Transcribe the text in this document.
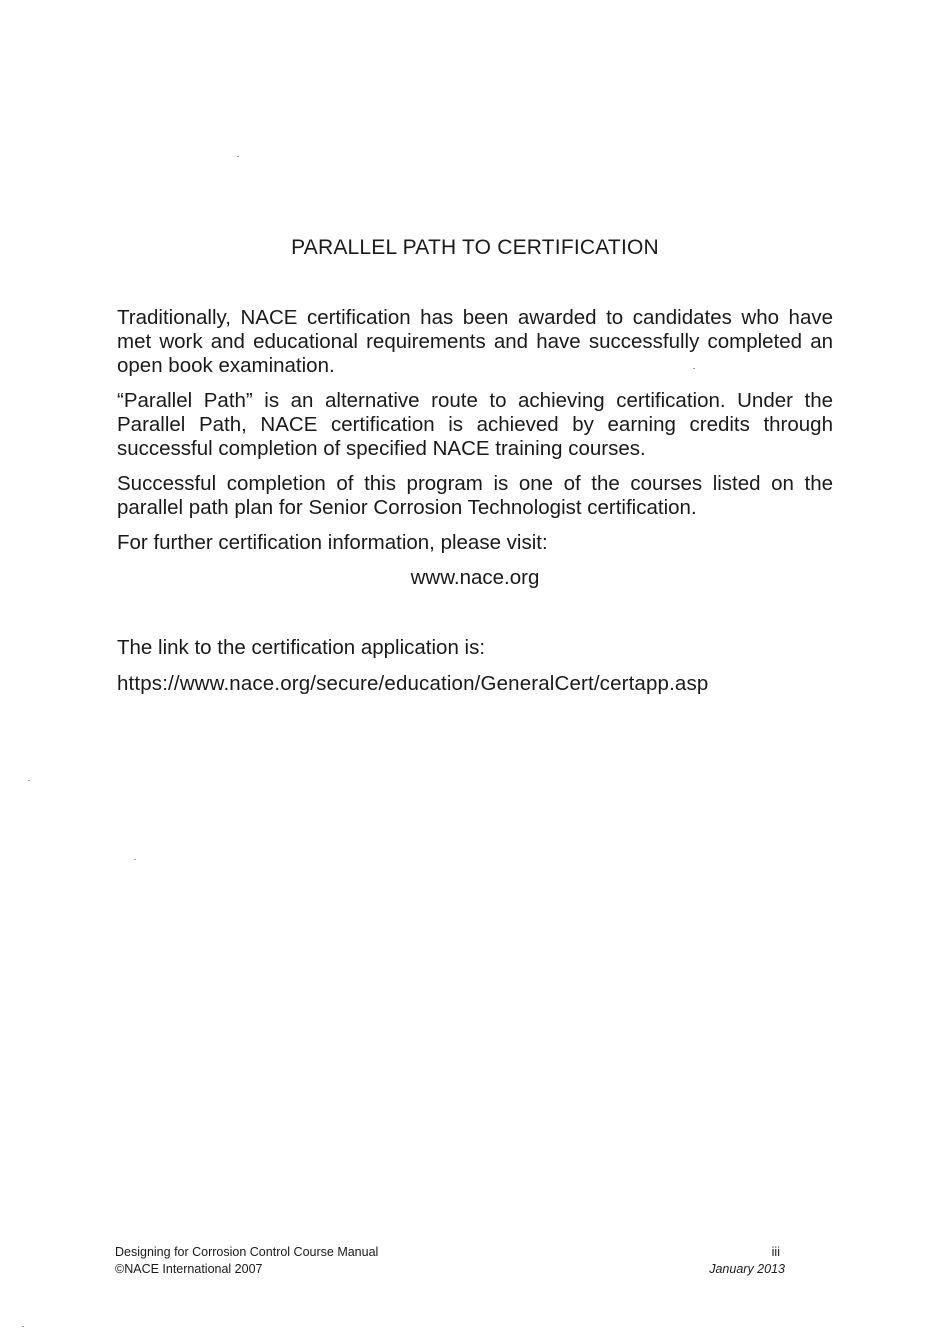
PARALLEL PATH TO CERTIFICATION

Traditionally, NACE certification has been awarded to candidates who have met work and educational requirements and have successfully completed an open book examination.

“Parallel Path” is an alternative route to achieving certification. Under the Parallel Path, NACE certification is achieved by earning credits through successful completion of specified NACE training courses.

Successful completion of this program is one of the courses listed on the parallel path plan for Senior Corrosion Technologist certification.

For further certification information, please visit:

www.nace.org
The link to the certification application is:
https://www.nace.org/secure/education/GeneralCert/certapp.asp
Designing for Corrosion Control Course Manual
©NACE International 2007
iii
January 2013
